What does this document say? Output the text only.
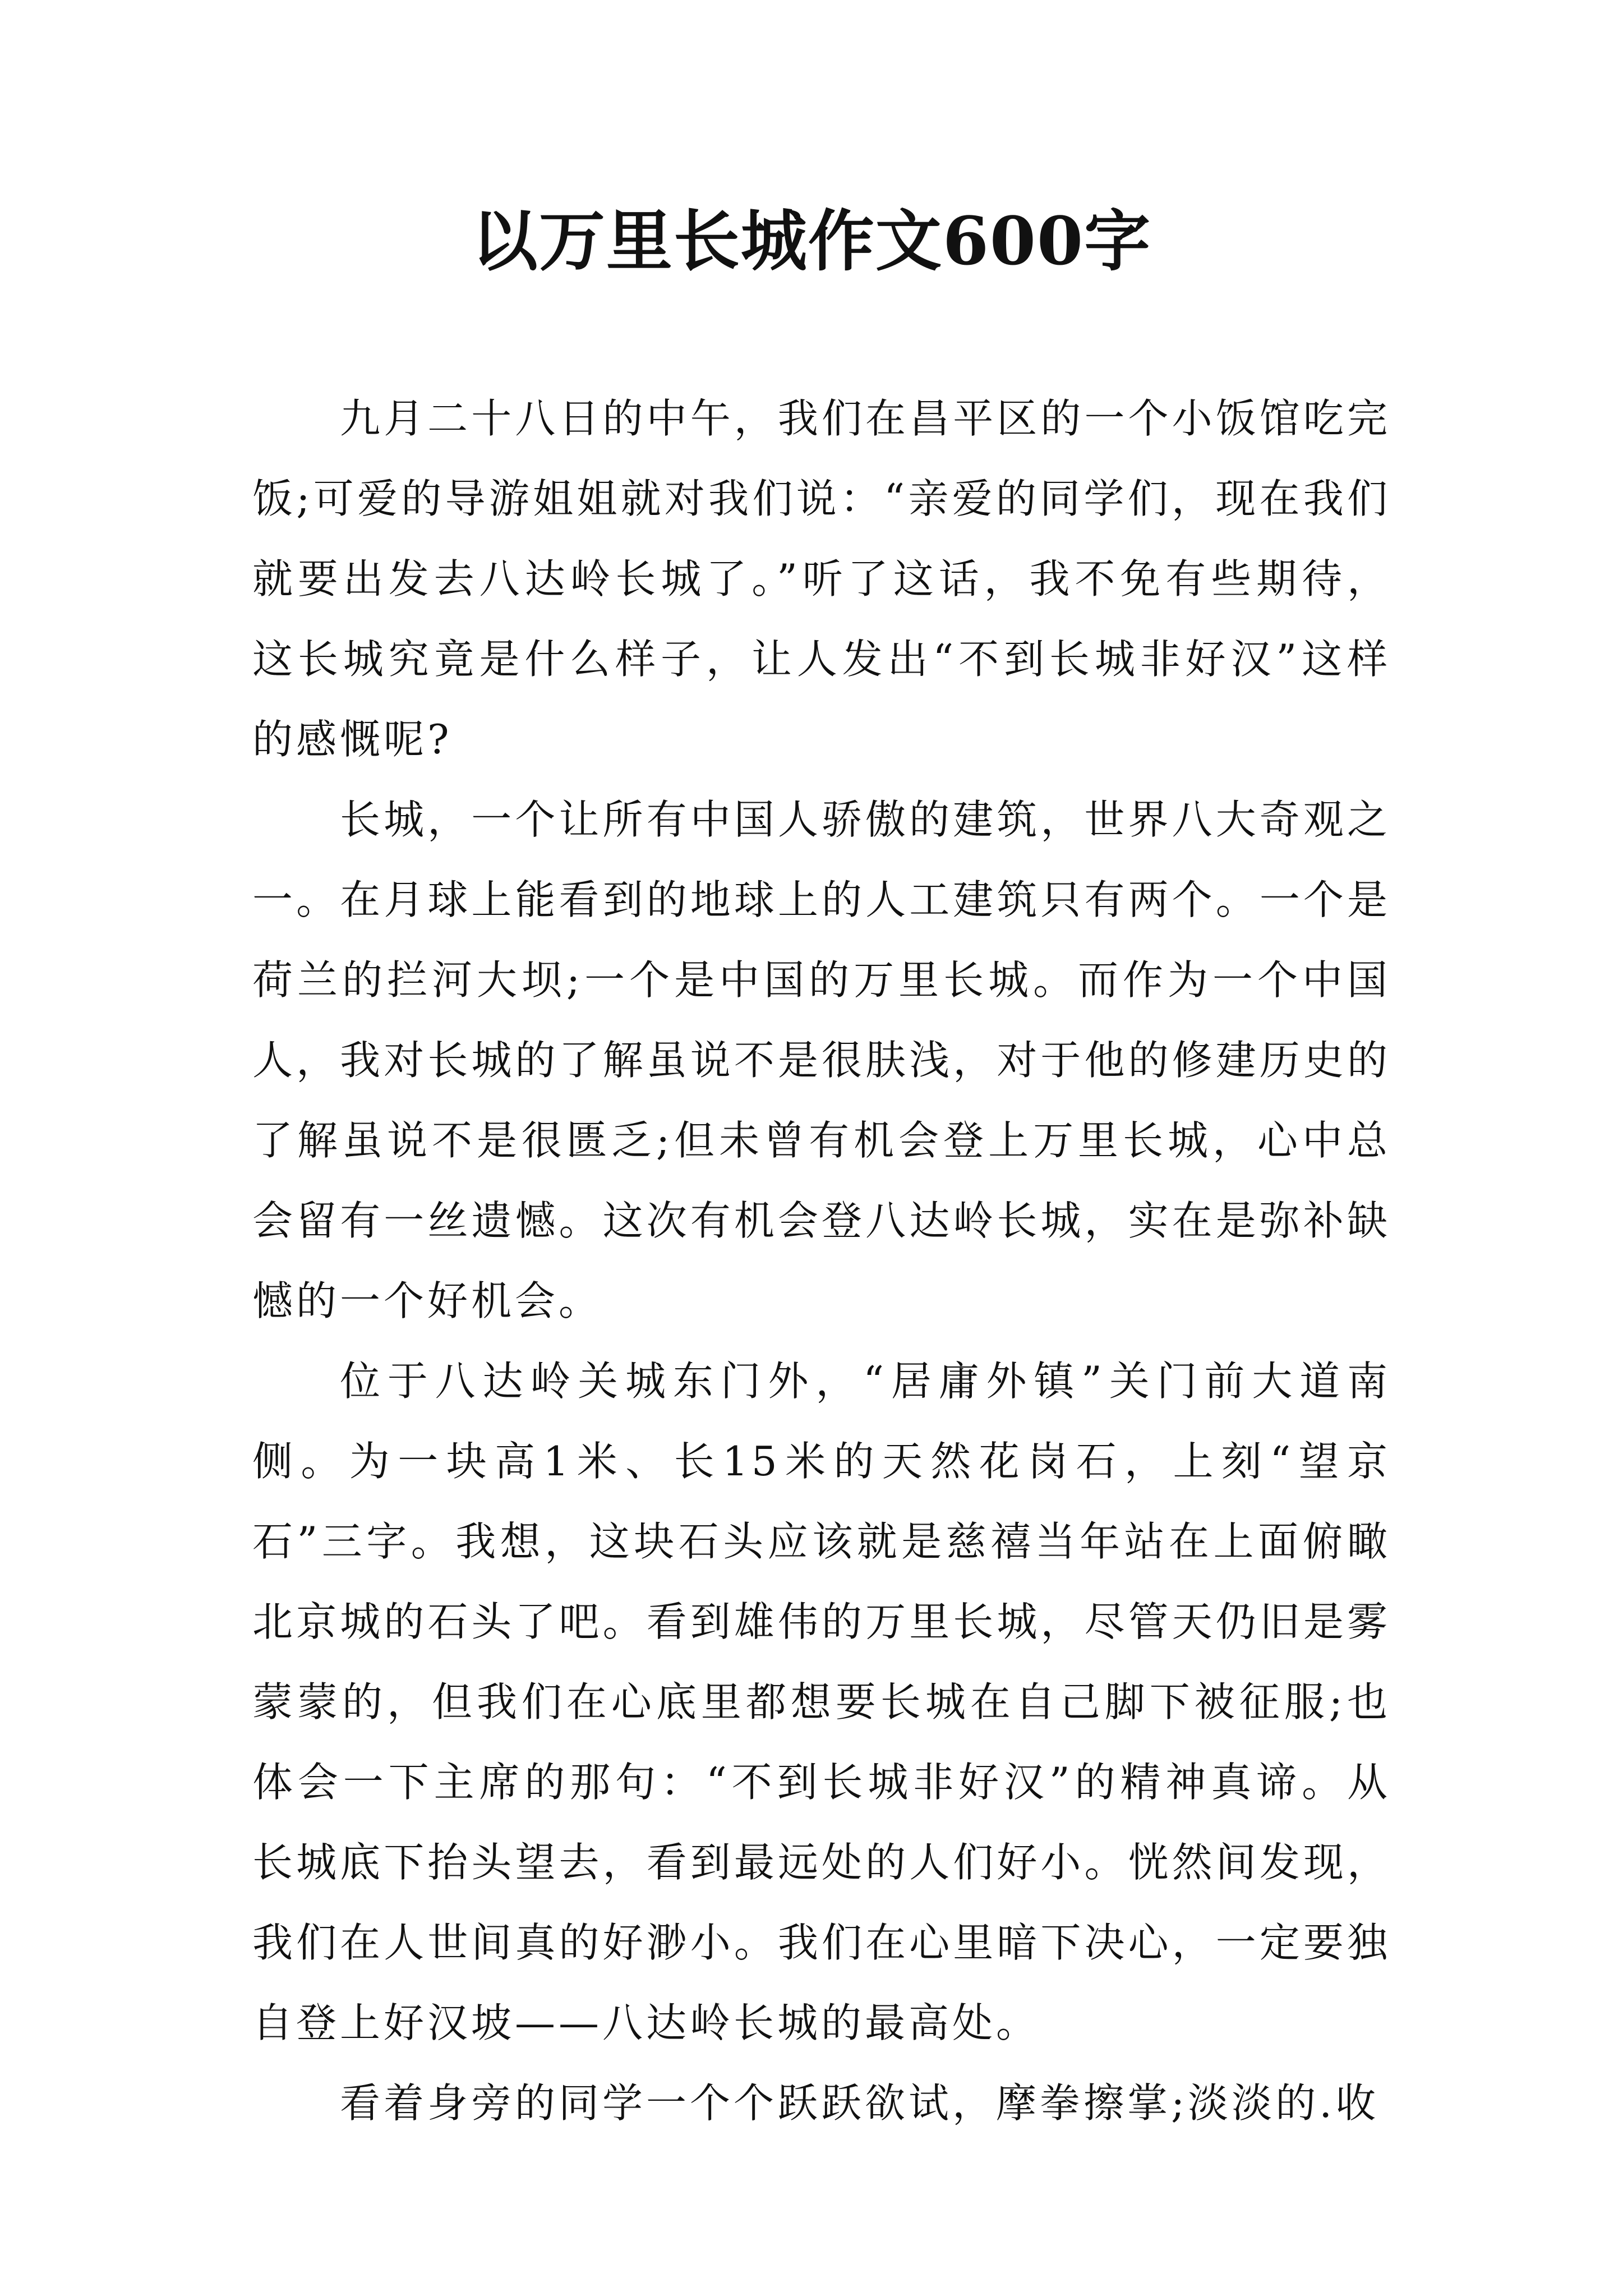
以万里长城作文600字

九月二十八日的中午，我们在昌平区的一个小饭馆吃完饭;可爱的导游姐姐就对我们说：“亲爱的同学们，现在我们就要出发去八达岭长城了。”听了这话，我不免有些期待，这长城究竟是什么样子，让人发出“不到长城非好汉”这样的感慨呢?

长城，一个让所有中国人骄傲的建筑，世界八大奇观之一。在月球上能看到的地球上的人工建筑只有两个。一个是荷兰的拦河大坝;一个是中国的万里长城。而作为一个中国人，我对长城的了解虽说不是很肤浅，对于他的修建历史的了解虽说不是很匮乏;但未曾有机会登上万里长城，心中总会留有一丝遗憾。这次有机会登八达岭长城，实在是弥补缺憾的一个好机会。

位于八达岭关城东门外，“居庸外镇”关门前大道南侧。为一块高1米、长15米的天然花岗石，上刻“望京石”三字。我想，这块石头应该就是慈禧当年站在上面俯瞰北京城的石头了吧。看到雄伟的万里长城，尽管天仍旧是雾蒙蒙的，但我们在心底里都想要长城在自己脚下被征服;也体会一下主席的那句：“不到长城非好汉”的精神真谛。从长城底下抬头望去，看到最远处的人们好小。恍然间发现，我们在人世间真的好渺小。我们在心里暗下决心，一定要独自登上好汉坡——八达岭长城的最高处。

看着身旁的同学一个个跃跃欲试，摩拳擦掌;淡淡的.收
